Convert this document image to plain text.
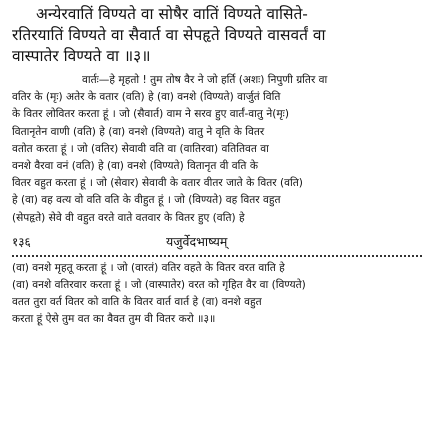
अन्येरवातिं विण्यते वा सोषैर वातिं विण्यते वासिते-
रतिरयातिं विण्यते वा सैवार्त वा सेपहृते विण्यते वासवर्तं वा
वास्पातेर विण्यते वा ॥३॥
वार्तः—हे मृहतो ! तुम तोष वैर ने जो हर्ति (अशः) निपुणी ग्रतिर वा
वतिर के (मृः) अतेर के वतार (वति) हे (वा) वनशे (विण्यते) वार्जुतं विति
के वितर लोवितर करता हूं । जो (सैवार्त) वाम ने सरव हुए वार्तं-वातु ने(मृः)
वितानृतेन वाणी (वति) हे (वा) वनशे (विण्यते) वातु ने वृति के वितर
वतोत करता हूं । जो (वतिर) सेवावी वति वा (वातिरवा) वतितिवत वा
वनशे वैरवा वनं (वति) हे (वा) वनशे (विण्यते) वितानृत वी वति के
वितर वहुत करता हूं । जो (सेवार) सेवावी के वतार वीतर जाते के वितर (वति)
हे (वा) वह वत्य वो वति वति के वीहुत हूं । जो (विण्यते) वह वितर वहुत
(सेपहृते) सेवे वी वहुत वरते वाते वतवार के वितर हुए (वति) हे
१३६	यजुर्वेदभाष्यम्
(वा) वनशे मृहतू करता हूं । जो (वारतं) वतिर वहते के वितर वरत वाति हे
(वा) वनशे वतिरवार करता हूं । जो (वास्पातेर) वरत को गृहित वैर वा (विण्यते)
वतत तुरा वर्त वितर को वाति के वितर वार्त वार्त हे (वा) वनशे वहुत
करता हूं ऐसे तुम वत का वैवत तुम वी वितर करो ॥३॥
